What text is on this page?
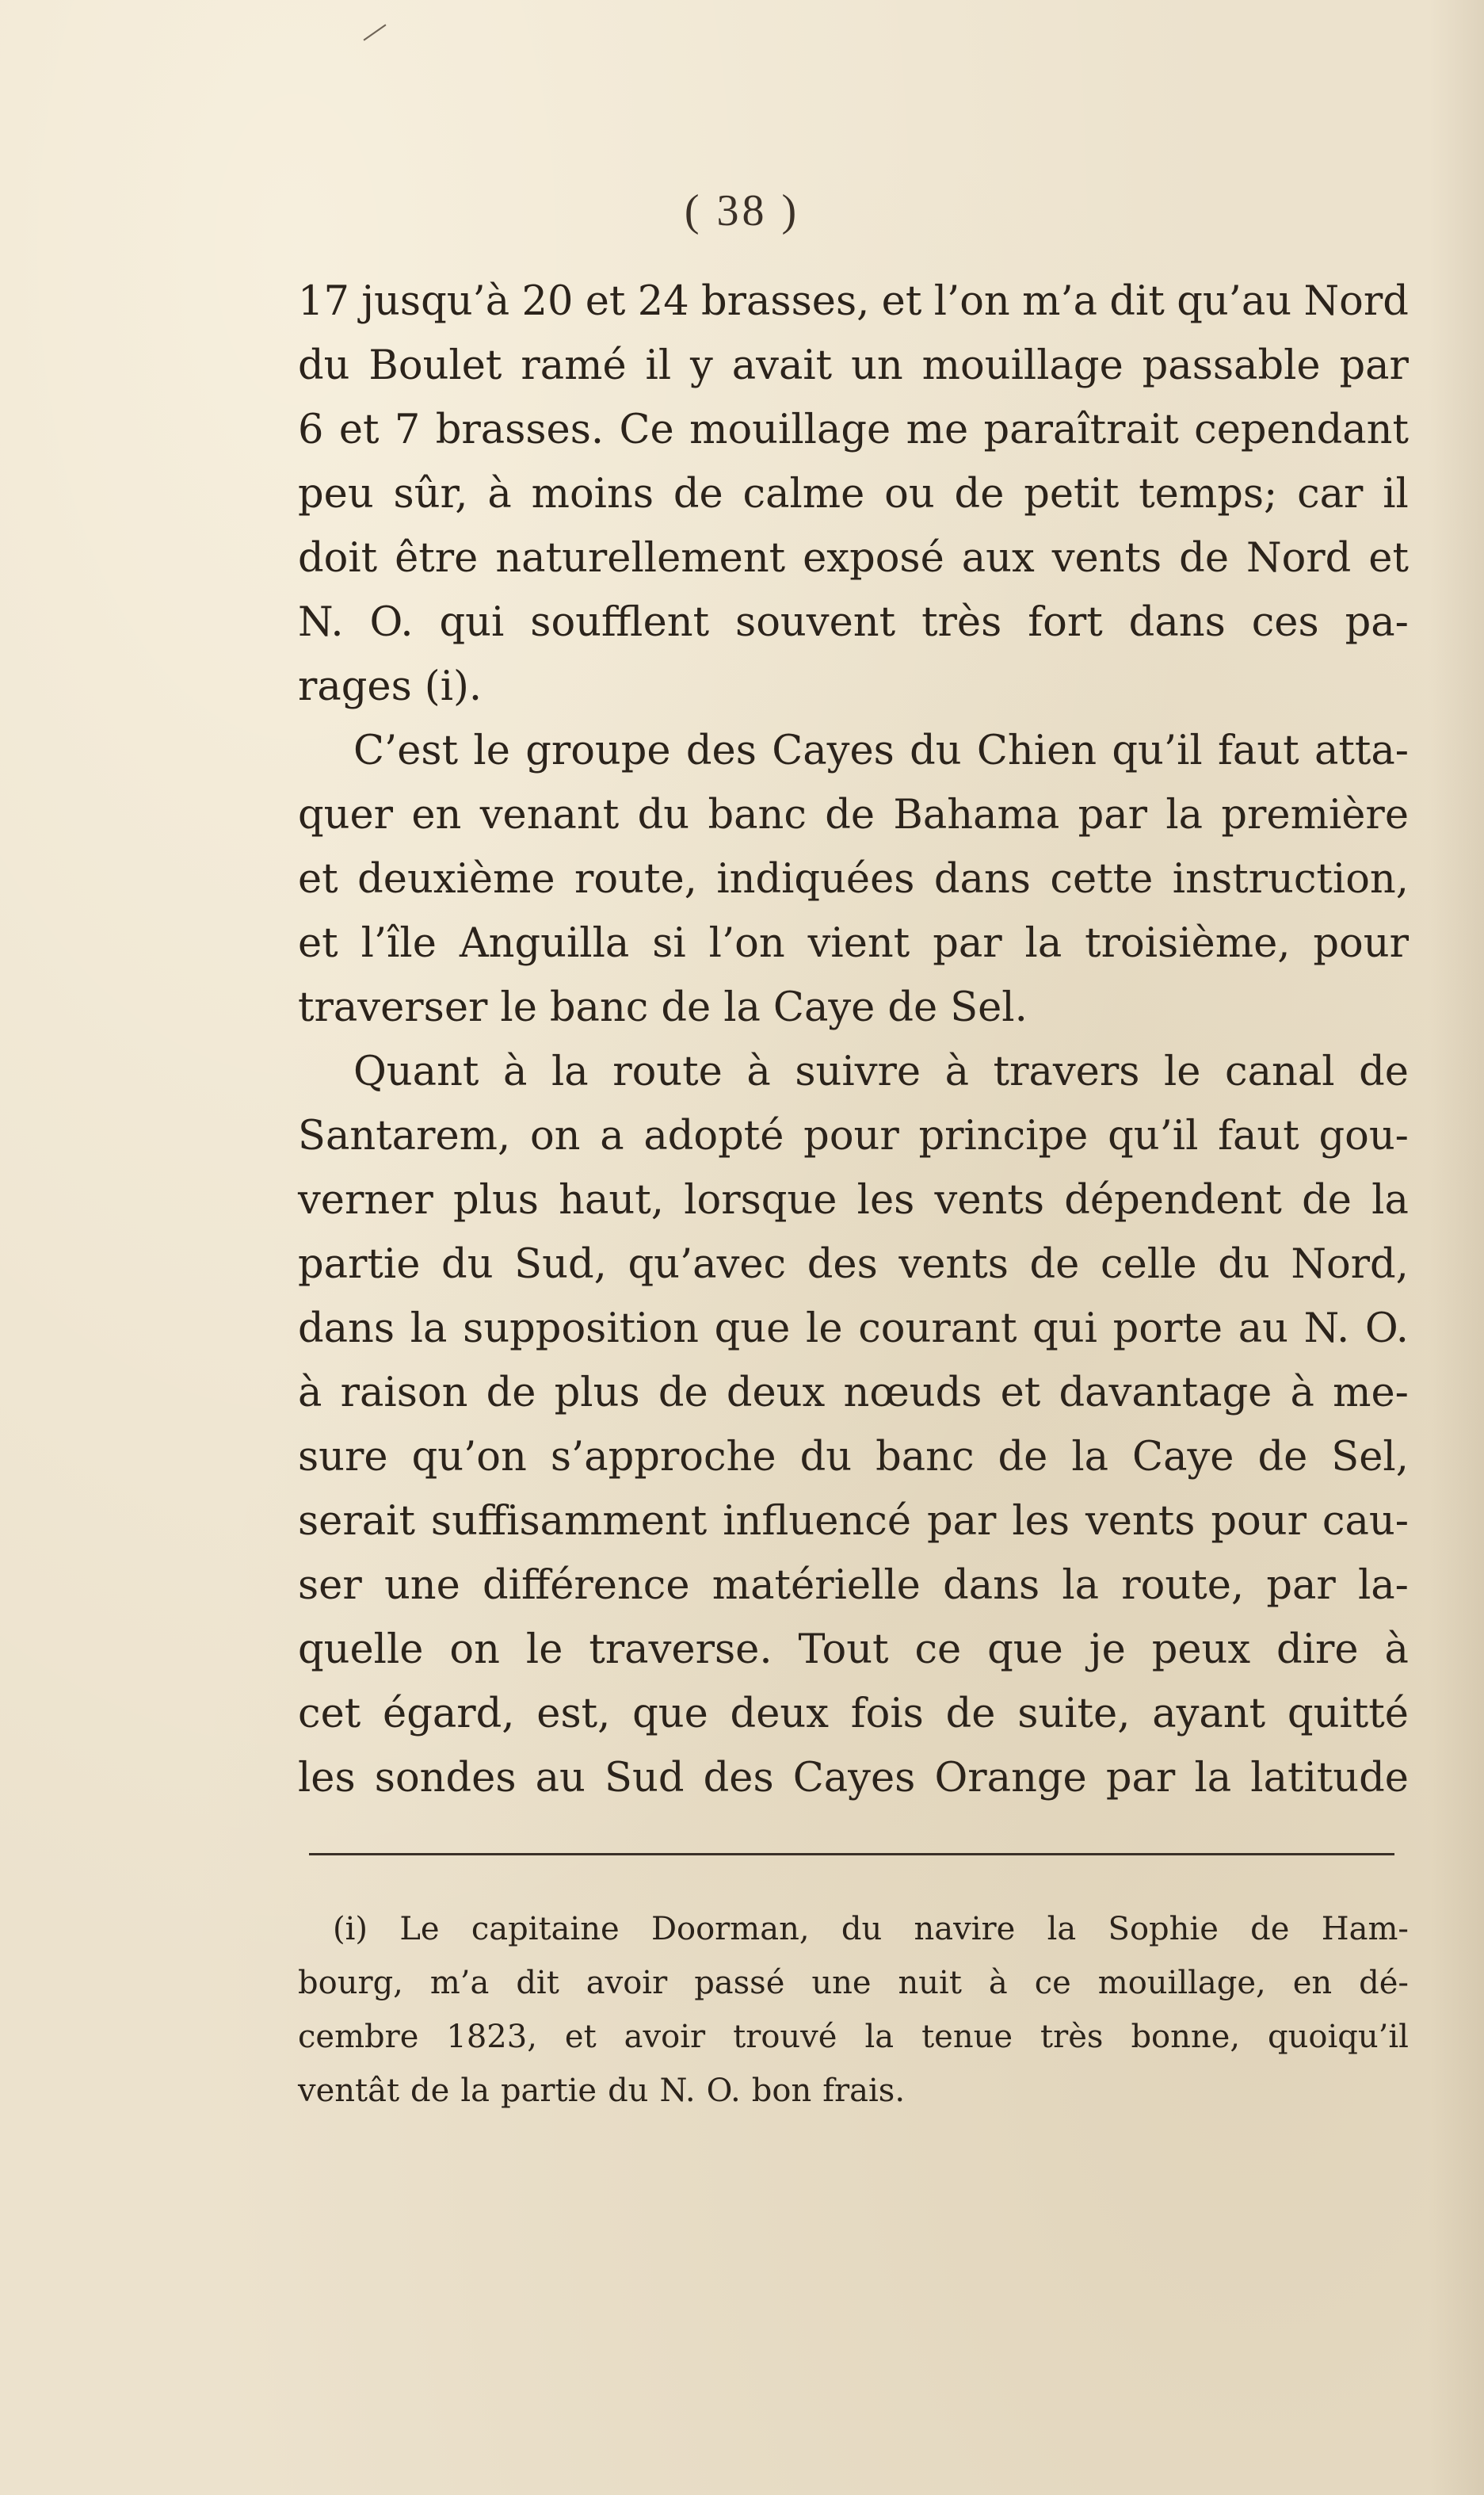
( 38 )
17 jusqu’à 20 et 24 brasses, et l’on m’a dit qu’au Nord
du Boulet ramé il y avait un mouillage passable par
6 et 7 brasses. Ce mouillage me paraîtrait cependant
peu sûr, à moins de calme ou de petit temps; car il
doit être naturellement exposé aux vents de Nord et
N. O. qui soufflent souvent très fort dans ces pa-
rages (i).
C’est le groupe des Cayes du Chien qu’il faut atta-
quer en venant du banc de Bahama par la première
et deuxième route, indiquées dans cette instruction,
et l’île Anguilla si l’on vient par la troisième, pour
traverser le banc de la Caye de Sel.
Quant à la route à suivre à travers le canal de
Santarem, on a adopté pour principe qu’il faut gou-
verner plus haut, lorsque les vents dépendent de la
partie du Sud, qu’avec des vents de celle du Nord,
dans la supposition que le courant qui porte au N. O.
à raison de plus de deux nœuds et davantage à me-
sure qu’on s’approche du banc de la Caye de Sel,
serait suffisamment influencé par les vents pour cau-
ser une différence matérielle dans la route, par la-
quelle on le traverse. Tout ce que je peux dire à
cet égard, est, que deux fois de suite, ayant quitté
les sondes au Sud des Cayes Orange par la latitude
(i) Le capitaine Doorman, du navire la Sophie de Ham-
bourg, m’a dit avoir passé une nuit à ce mouillage, en dé-
cembre 1823, et avoir trouvé la tenue très bonne, quoiqu’il
ventât de la partie du N. O. bon frais.
